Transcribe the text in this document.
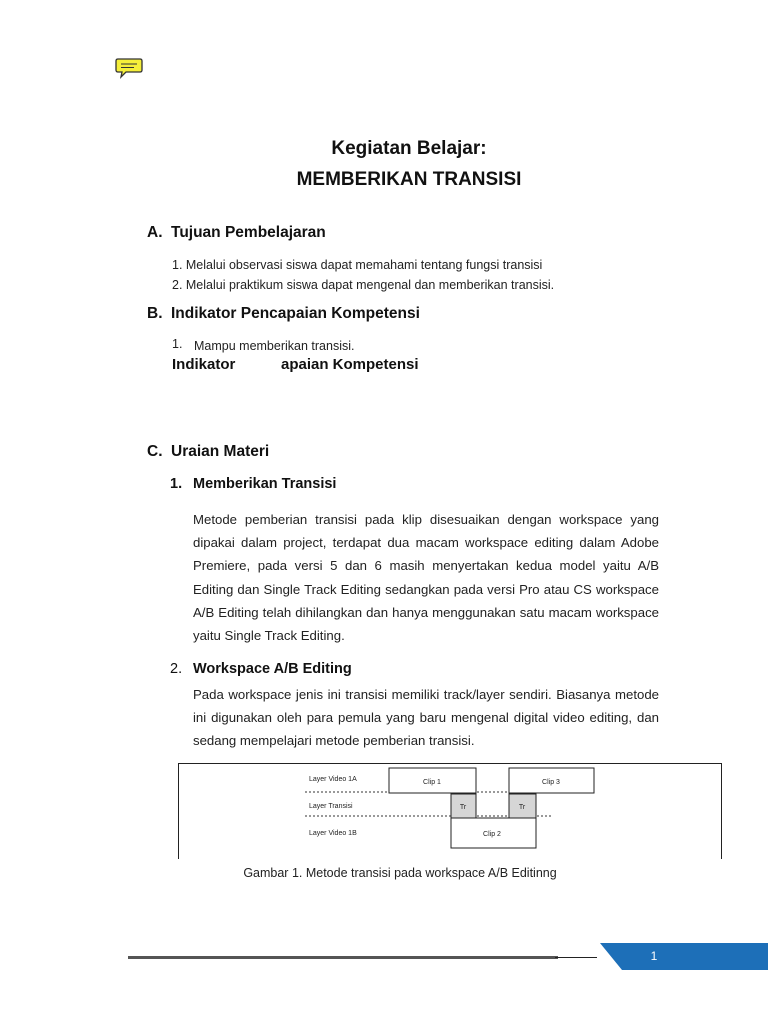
Kegiatan Belajar:
MEMBERIKAN TRANSISI
A. Tujuan Pembelajaran
1. Melalui observasi siswa dapat memahami tentang fungsi transisi
2. Melalui praktikum siswa dapat mengenal dan memberikan transisi.
B. Indikator Pencapaian Kompetensi
1. Mampu memberikan transisi.
Indikator	apaian Kompetensi
C. Uraian Materi
1. Memberikan Transisi

Metode pemberian transisi pada klip disesuaikan dengan workspace yang dipakai dalam project, terdapat dua macam workspace editing dalam Adobe Premiere, pada versi 5 dan 6 masih menyertakan kedua model yaitu A/B Editing dan Single Track Editing sedangkan pada versi Pro atau CS workspace A/B Editing telah dihilangkan dan hanya menggunakan satu macam workspace yaitu Single Track Editing.

2. Workspace A/B Editing

Pada workspace jenis ini transisi memiliki track/layer sendiri. Biasanya metode ini digunakan oleh para pemula yang baru mengenal digital video editing, dan sedang mempelajari metode pemberian transisi.

Layer Video 1A
Layer Transisi
Layer Video 1B
Clip 1	Clip 3
Tr	Tr
Clip 2
Gambar 1. Metode transisi pada workspace A/B Editinng
1
